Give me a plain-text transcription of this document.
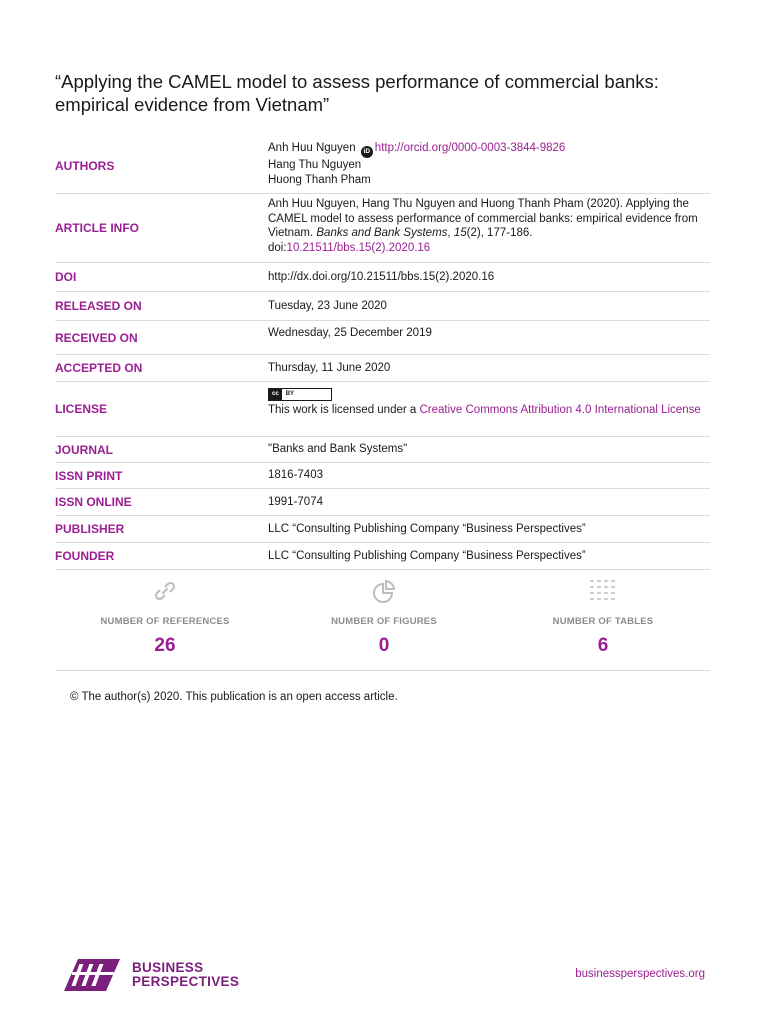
“Applying the CAMEL model to assess performance of commercial banks: empirical evidence from Vietnam”
AUTHORS
Anh Huu Nguyen iD http://orcid.org/0000-0003-3844-9826
Hang Thu Nguyen
Huong Thanh Pham
ARTICLE INFO
Anh Huu Nguyen, Hang Thu Nguyen and Huong Thanh Pham (2020). Applying the CAMEL model to assess performance of commercial banks: empirical evidence from Vietnam. Banks and Bank Systems, 15(2), 177-186.
doi:10.21511/bbs.15(2).2020.16
DOI	http://dx.doi.org/10.21511/bbs.15(2).2020.16
RELEASED ON	Tuesday, 23 June 2020
RECEIVED ON	Wednesday, 25 December 2019
ACCEPTED ON	Thursday, 11 June 2020
LICENSE
cc	BY
This work is licensed under a Creative Commons Attribution 4.0 International License
JOURNAL	"Banks and Bank Systems"
ISSN PRINT	1816-7403
ISSN ONLINE	1991-7074
PUBLISHER	LLC “Consulting Publishing Company “Business Perspectives”
FOUNDER	LLC “Consulting Publishing Company “Business Perspectives”
NUMBER OF REFERENCES
26
NUMBER OF FIGURES
0
NUMBER OF TABLES
6
© The author(s) 2020. This publication is an open access article.
BUSINESS
PERSPECTIVES	businessperspectives.org
